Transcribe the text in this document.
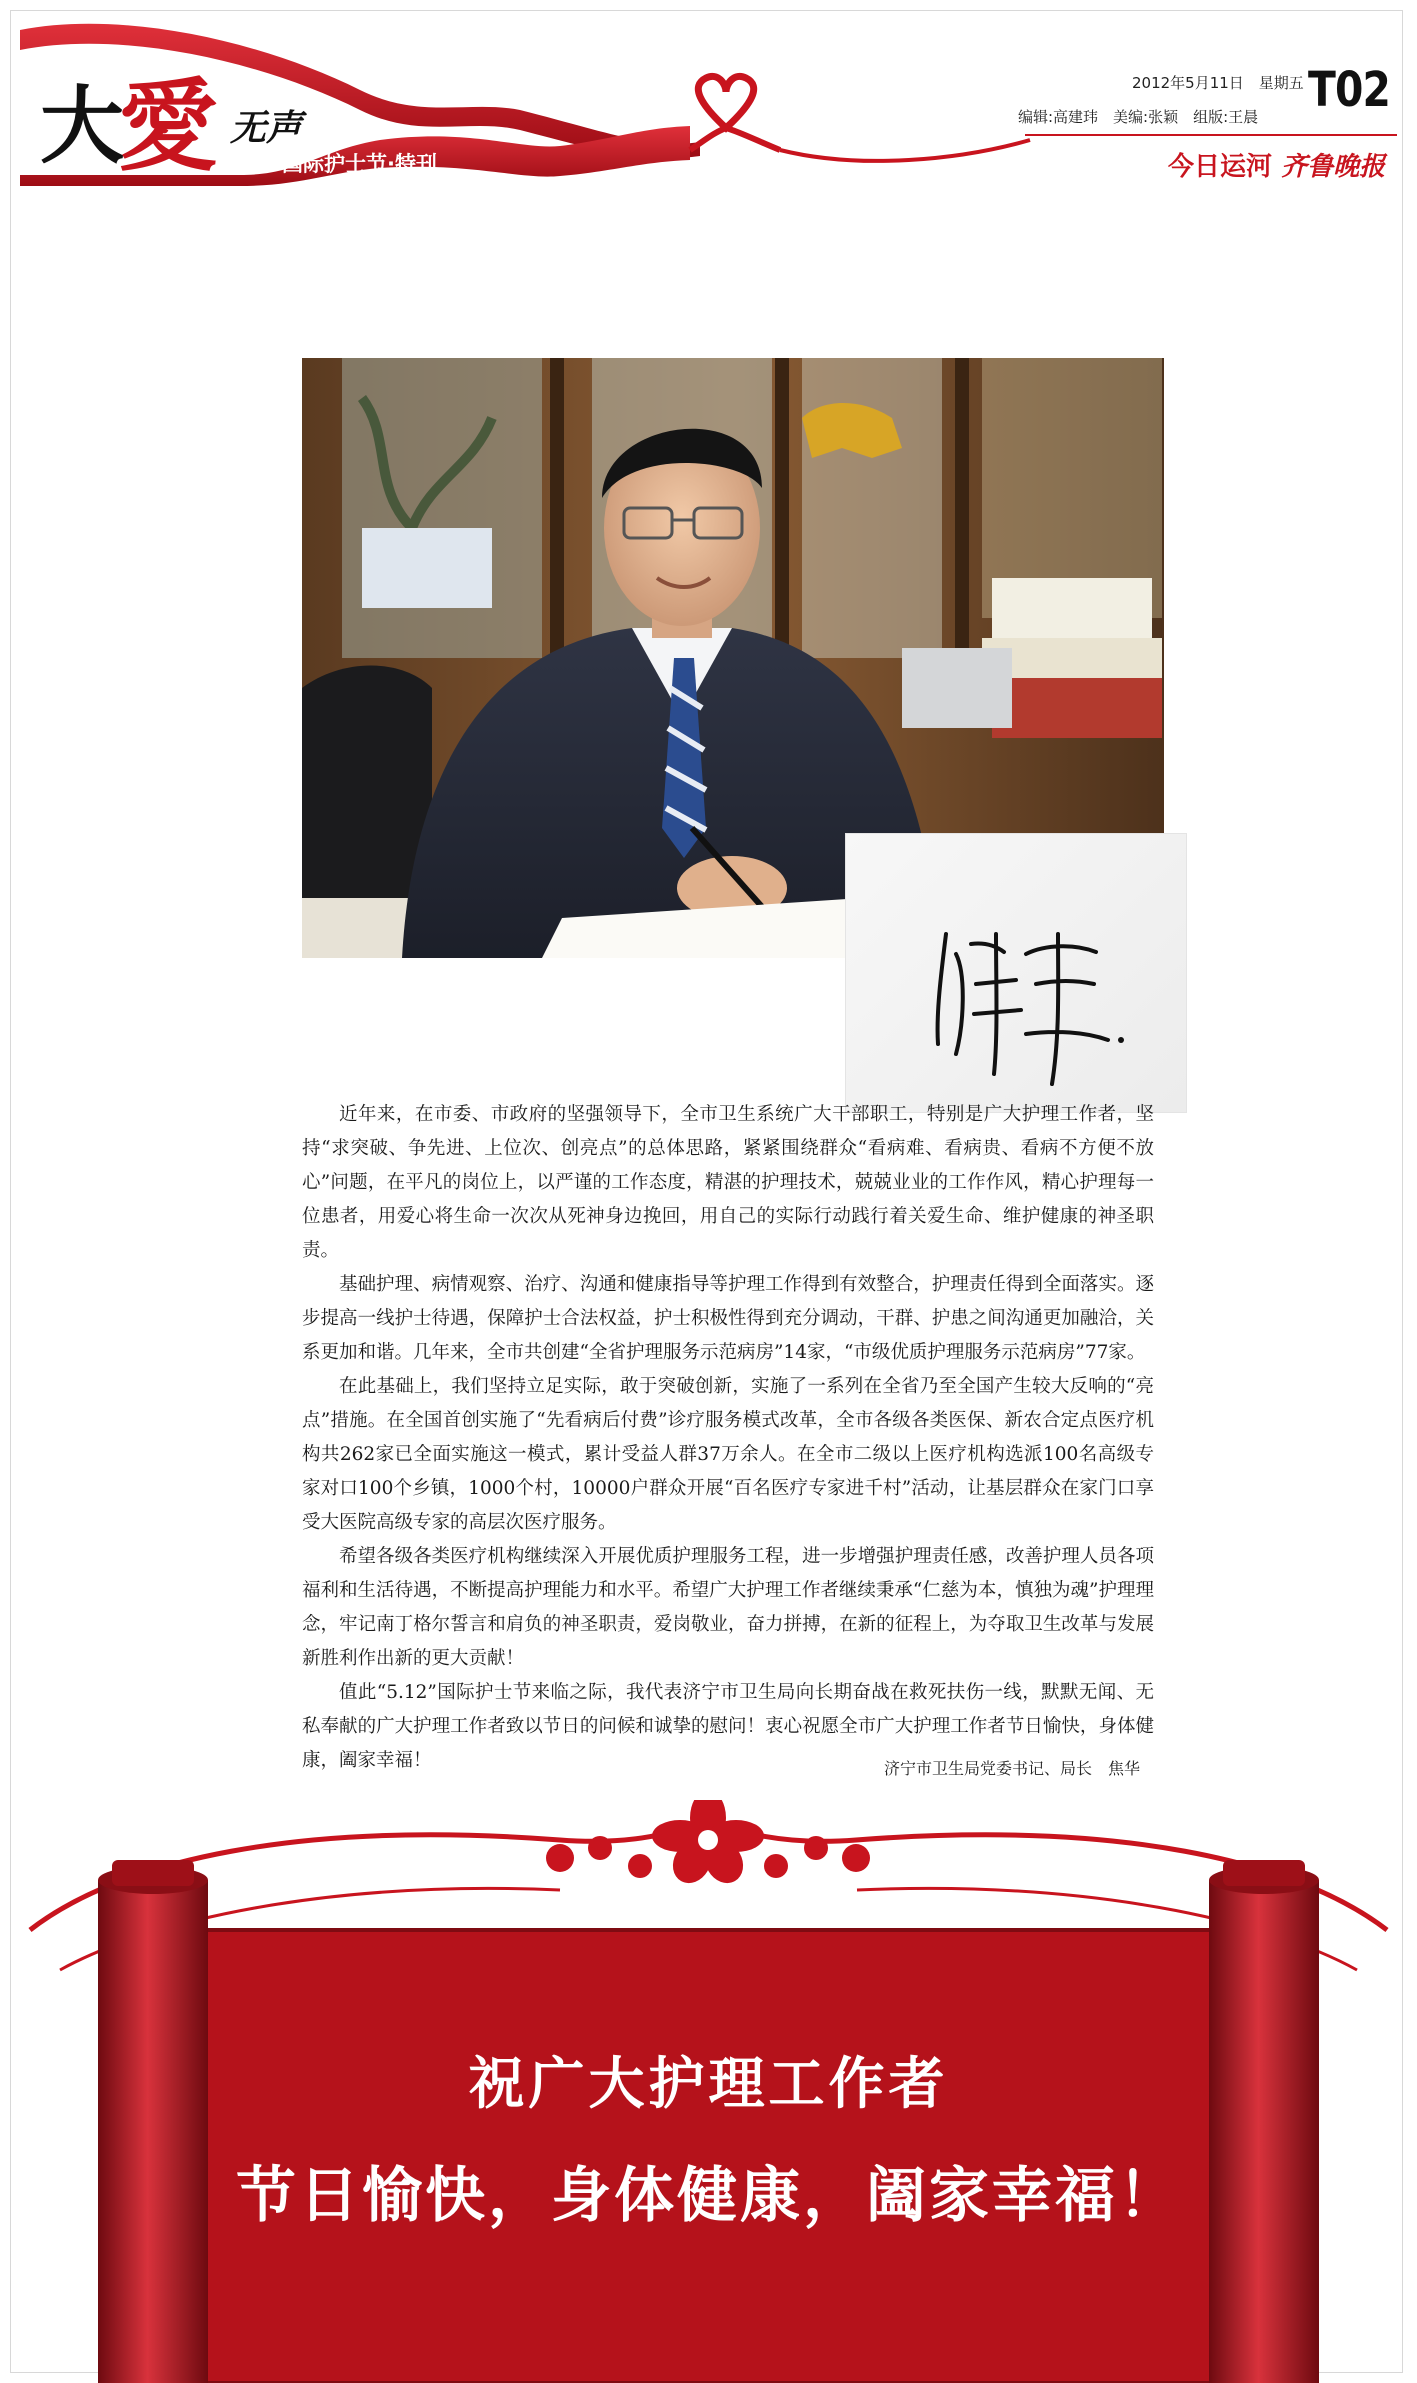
大愛 无声
国际护士节·特刊
2012年5月11日　星期五 T02
编辑:高建玮　美编:张颖　组版:王晨
今日运河 齐鲁晚报

近年来，在市委、市政府的坚强领导下，全市卫生系统广大干部职工，特别是广大护理工作者，坚持“求突破、争先进、上位次、创亮点”的总体思路，紧紧围绕群众“看病难、看病贵、看病不方便不放心”问题，在平凡的岗位上，以严谨的工作态度，精湛的护理技术，兢兢业业的工作作风，精心护理每一位患者，用爱心将生命一次次从死神身边挽回，用自己的实际行动践行着关爱生命、维护健康的神圣职责。

基础护理、病情观察、治疗、沟通和健康指导等护理工作得到有效整合，护理责任得到全面落实。逐步提高一线护士待遇，保障护士合法权益，护士积极性得到充分调动，干群、护患之间沟通更加融洽，关系更加和谐。几年来，全市共创建“全省护理服务示范病房”14家，“市级优质护理服务示范病房”77家。

在此基础上，我们坚持立足实际，敢于突破创新，实施了一系列在全省乃至全国产生较大反响的“亮点”措施。在全国首创实施了“先看病后付费”诊疗服务模式改革，全市各级各类医保、新农合定点医疗机构共262家已全面实施这一模式，累计受益人群37万余人。在全市二级以上医疗机构选派100名高级专家对口100个乡镇，1000个村，10000户群众开展“百名医疗专家进千村”活动，让基层群众在家门口享受大医院高级专家的高层次医疗服务。

希望各级各类医疗机构继续深入开展优质护理服务工程，进一步增强护理责任感，改善护理人员各项福利和生活待遇，不断提高护理能力和水平。希望广大护理工作者继续秉承“仁慈为本，慎独为魂”护理理念，牢记南丁格尔誓言和肩负的神圣职责，爱岗敬业，奋力拼搏，在新的征程上，为夺取卫生改革与发展新胜利作出新的更大贡献！

值此“5.12”国际护士节来临之际，我代表济宁市卫生局向长期奋战在救死扶伤一线，默默无闻、无私奉献的广大护理工作者致以节日的问候和诚挚的慰问！衷心祝愿全市广大护理工作者节日愉快，身体健康，阖家幸福！	济宁市卫生局党委书记、局长　焦华
祝广大护理工作者
节日愉快，身体健康，阖家幸福！
